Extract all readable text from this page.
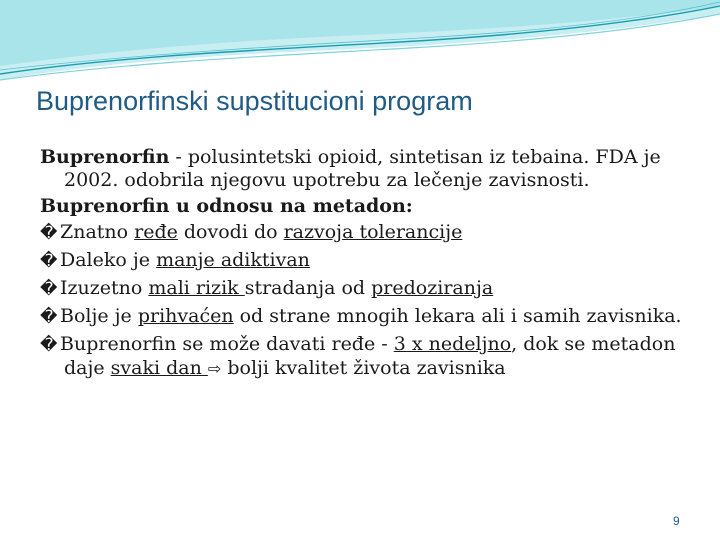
Buprenorfinski supstitucioni program

Buprenorfin - polusintetski opioid, sintetisan iz tebaina. FDA je 2002. odobrila njegovu upotrebu za lečenje zavisnosti.

Buprenorfin u odnosu na metadon:

� Znatno ređe dovodi do razvoja tolerancije

� Daleko je manje adiktivan

� Izuzetno mali rizik stradanja od predoziranja

� Bolje je prihvaćen od strane mnogih lekara ali i samih zavisnika.

� Buprenorfin se može davati ređe - 3 x nedeljno, dok se metadon daje svaki dan ⇨ bolji kvalitet života zavisnika

9
